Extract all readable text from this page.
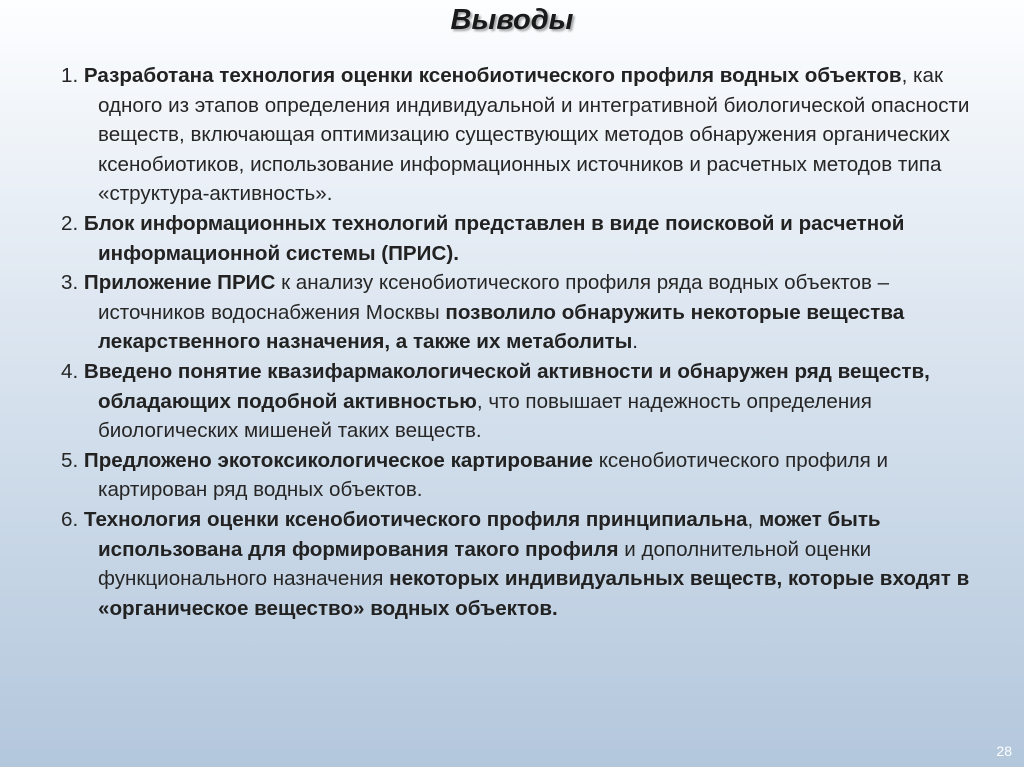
Выводы

1. Разработана технология оценки ксенобиотического профиля водных объектов, как одного из этапов определения индивидуальной и интегративной биологической опасности веществ, включающая оптимизацию существующих методов обнаружения органических ксенобиотиков, использование информационных источников и расчетных методов типа «структура-активность».

2. Блок информационных технологий представлен в виде поисковой и расчетной информационной системы (ПРИС).

3. Приложение ПРИС к анализу ксенобиотического профиля ряда водных объектов – источников водоснабжения Москвы позволило обнаружить некоторые вещества лекарственного назначения, а также их метаболиты.

4. Введено понятие квазифармакологической активности и обнаружен ряд веществ, обладающих подобной активностью, что повышает надежность определения биологических мишеней таких веществ.

5. Предложено экотоксикологическое картирование ксенобиотического профиля и картирован ряд водных объектов.

6. Технология оценки ксенобиотического профиля принципиальна, может быть использована для формирования такого профиля и дополнительной оценки функционального назначения некоторых индивидуальных веществ, которые входят в «органическое вещество» водных объектов.

28
